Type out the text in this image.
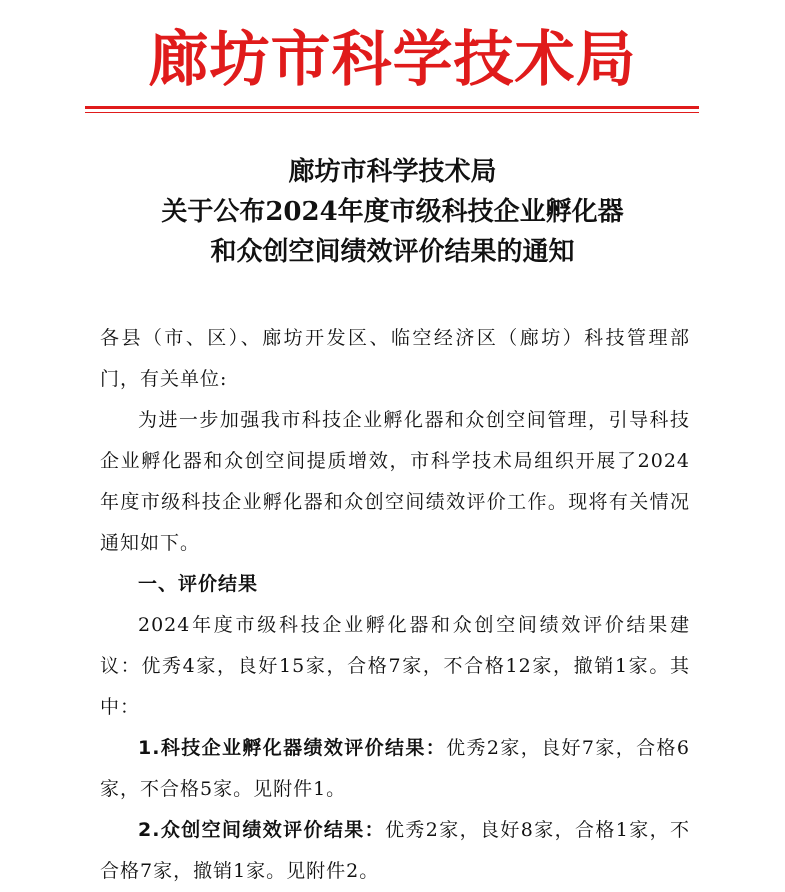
廊坊市科学技术局
廊坊市科学技术局
关于公布2024年度市级科技企业孵化器
和众创空间绩效评价结果的通知

各县（市、区）、廊坊开发区、临空经济区（廊坊）科技管理部门，有关单位:

为进一步加强我市科技企业孵化器和众创空间管理，引导科技企业孵化器和众创空间提质增效，市科学技术局组织开展了2024年度市级科技企业孵化器和众创空间绩效评价工作。现将有关情况通知如下。

一、评价结果

2024年度市级科技企业孵化器和众创空间绩效评价结果建议：优秀4家，良好15家，合格7家，不合格12家，撤销1家。其中：

1.科技企业孵化器绩效评价结果：优秀2家，良好7家，合格6家，不合格5家。见附件1。

2.众创空间绩效评价结果：优秀2家，良好8家，合格1家，不合格7家，撤销1家。见附件2。
